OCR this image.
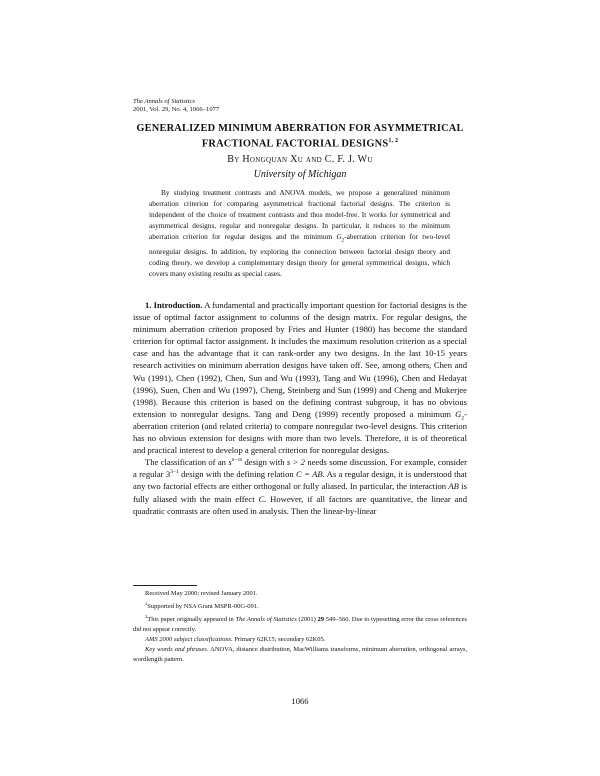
The Annals of Statistics
2001, Vol. 29, No. 4, 1066–1077
GENERALIZED MINIMUM ABERRATION FOR ASYMMETRICAL
FRACTIONAL FACTORIAL DESIGNS$^{1, 2}$
By Hongquan Xu and C. F. J. Wu
University of Michigan
By studying treatment contrasts and ANOVA models, we propose a generalized minimum aberration criterion for comparing asymmetrical fractional factorial designs. The criterion is independent of the choice of treatment contrasts and thus model-free. It works for symmetrical and asymmetrical designs, regular and nonregular designs. In particular, it reduces to the minimum aberration criterion for regular designs and the minimum $G_2$-aberration criterion for two-level nonregular designs. In addition, by exploring the connection between factorial design theory and coding theory, we develop a complementary design theory for general symmetrical designs, which covers many existing results as special cases.

1. Introduction. A fundamental and practically important question for factorial designs is the issue of optimal factor assignment to columns of the design matrix. For regular designs, the minimum aberration criterion proposed by Fries and Hunter (1980) has become the standard criterion for optimal factor assignment. It includes the maximum resolution criterion as a special case and has the advantage that it can rank-order any two designs. In the last 10-15 years research activities on minimum aberration designs have taken off. See, among others, Chen and Wu (1991), Chen (1992), Chen, Sun and Wu (1993), Tang and Wu (1996), Chen and Hedayat (1996), Suen, Chen and Wu (1997), Cheng, Steinberg and Sun (1999) and Cheng and Mukerjee (1998). Because this criterion is based on the defining contrast subgroup, it has no obvious extension to nonregular designs. Tang and Deng (1999) recently proposed a minimum $G_2$-aberration criterion (and related criteria) to compare nonregular two-level designs. This criterion has no obvious extension for designs with more than two levels. Therefore, it is of theoretical and practical interest to develop a general criterion for nonregular designs.

The classification of an $s^{n-m}$ design with s > 2 needs some discussion. For example, consider a regular $3^{3-1}$ design with the defining relation C = AB. As a regular design, it is understood that any two factorial effects are either orthogonal or fully aliased. In particular, the interaction AB is fully aliased with the main effect C. However, if all factors are quantitative, the linear and quadratic contrasts are often used in analysis. Then the linear-by-linear

Received May 2000; revised January 2001.

$^1$Supported by NSA Grant MSPR-00G-091.

$^2$This paper originally appeared in The Annals of Statistics (2001) 29 549–560. Due to typesetting error the cross references did not appear correctly.

AMS 2000 subject classifications. Primary 62K15; secondary 62K05.

Key words and phrases. ANOVA, distance distribution, MacWilliams transforms, minimum aberration, orthogonal arrays, wordlength pattern.

1066
